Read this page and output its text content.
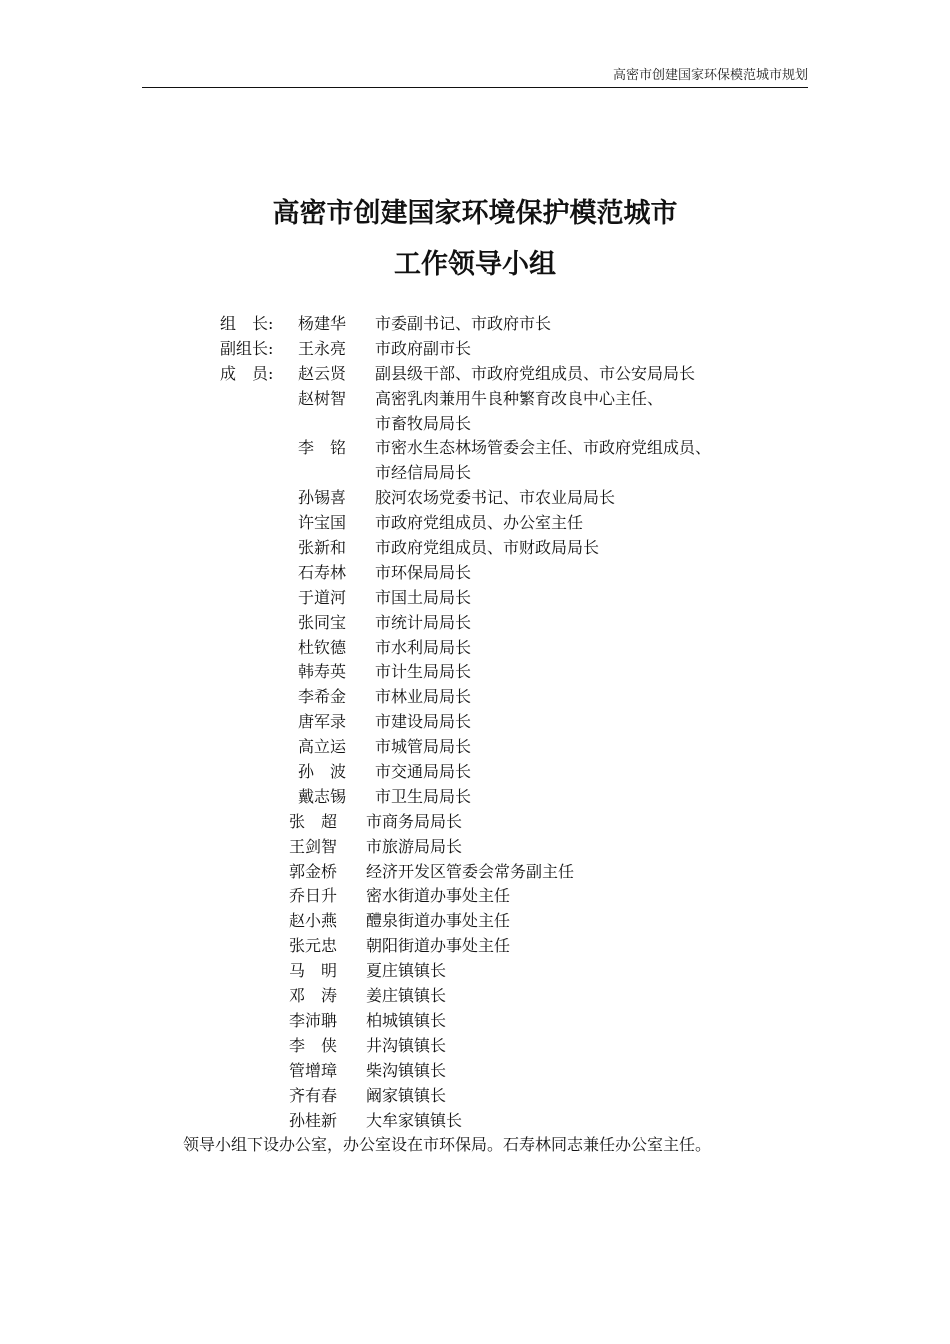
高密市创建国家环保模范城市规划
高密市创建国家环境保护模范城市
工作领导小组
组　长:	杨建华	市委副书记、市政府市长
副组长:	王永亮	市政府副市长
成　员:	赵云贤	副县级干部、市政府党组成员、市公安局局长
赵树智	高密乳肉兼用牛良种繁育改良中心主任、
市畜牧局局长
李　铭	市密水生态林场管委会主任、市政府党组成员、
市经信局局长
孙锡喜	胶河农场党委书记、市农业局局长
许宝国	市政府党组成员、办公室主任
张新和	市政府党组成员、市财政局局长
石寿林	市环保局局长
于道河	市国土局局长
张同宝	市统计局局长
杜钦德	市水利局局长
韩寿英	市计生局局长
李希金	市林业局局长
唐军录	市建设局局长
高立运	市城管局局长
孙　波	市交通局局长
戴志锡	市卫生局局长
张　超	市商务局局长
王剑智	市旅游局局长
郭金桥	经济开发区管委会常务副主任
乔日升	密水街道办事处主任
赵小燕	醴泉街道办事处主任
张元忠	朝阳街道办事处主任
马　明	夏庄镇镇长
邓　涛	姜庄镇镇长
李沛聃	柏城镇镇长
李　侠	井沟镇镇长
管增璋	柴沟镇镇长
齐有春	阚家镇镇长
孙桂新	大牟家镇镇长
领导小组下设办公室，办公室设在市环保局。石寿林同志兼任办公室主任。
